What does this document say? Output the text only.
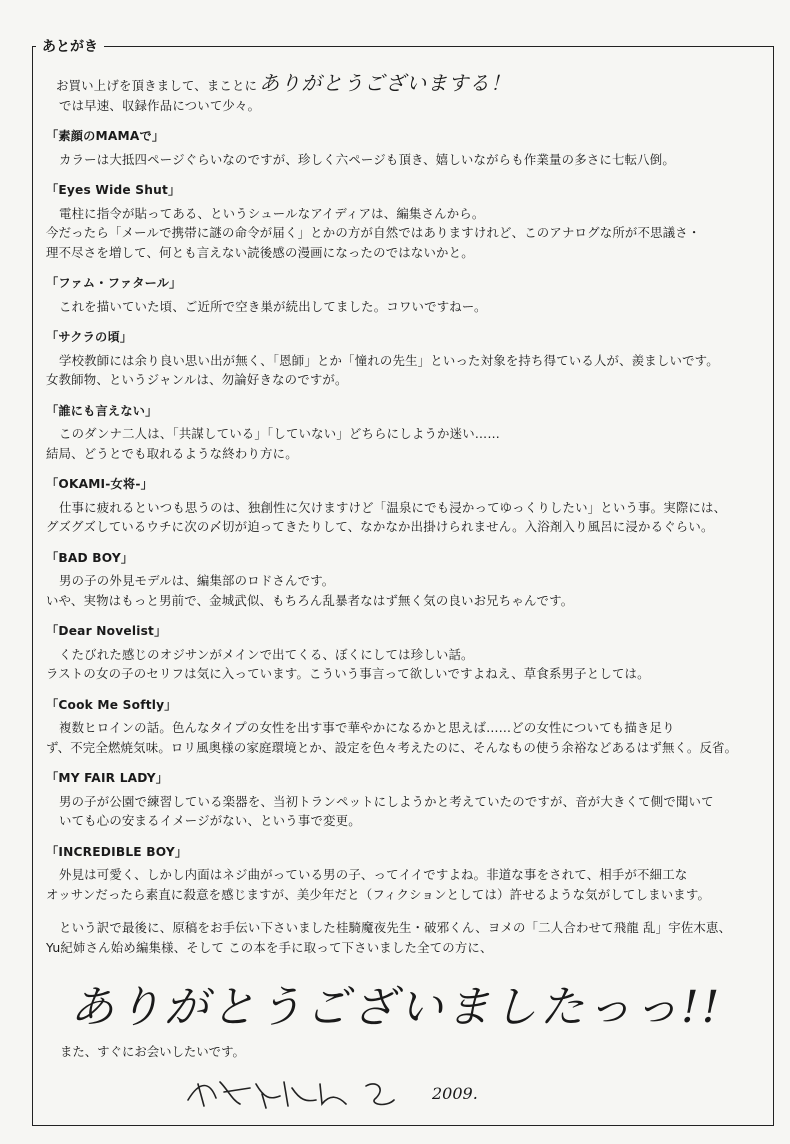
あとがき
お買い上げを頂きまして、まことに ありがとうございまする！
では早速、収録作品について少々。
「素顔のMAMAで」
カラーは大抵四ページぐらいなのですが、珍しく六ページも頂き、嬉しいながらも作業量の多さに七転八倒。
「Eyes Wide Shut」
電柱に指令が貼ってある、というシュールなアイディアは、編集さんから。
今だったら「メールで携帯に謎の命令が届く」とかの方が自然ではありますけれど、このアナログな所が不思議さ・
理不尽さを増して、何とも言えない読後感の漫画になったのではないかと。
「ファム・ファタール」
これを描いていた頃、ご近所で空き巣が続出してました。コワいですねー。
「サクラの頃」
学校教師には余り良い思い出が無く、「恩師」とか「憧れの先生」といった対象を持ち得ている人が、羨ましいです。
女教師物、というジャンルは、勿論好きなのですが。
「誰にも言えない」
このダンナ二人は、「共謀している」「していない」どちらにしようか迷い……
結局、どうとでも取れるような終わり方に。
「OKAMI-女将-」
仕事に疲れるといつも思うのは、独創性に欠けますけど「温泉にでも浸かってゆっくりしたい」という事。実際には、
グズグズしているウチに次の〆切が迫ってきたりして、なかなか出掛けられません。入浴剤入り風呂に浸かるぐらい。
「BAD BOY」
男の子の外見モデルは、編集部のロドさんです。
いや、実物はもっと男前で、金城武似、もちろん乱暴者なはず無く気の良いお兄ちゃんです。
「Dear Novelist」
くたびれた感じのオジサンがメインで出てくる、ぼくにしては珍しい話。
ラストの女の子のセリフは気に入っています。こういう事言って欲しいですよねえ、草食系男子としては。
「Cook Me Softly」
複数ヒロインの話。色んなタイプの女性を出す事で華やかになるかと思えば……どの女性についても描き足り
ず、不完全燃焼気味。ロリ風奥様の家庭環境とか、設定を色々考えたのに、そんなもの使う余裕などあるはず無く。反省。
「MY FAIR LADY」
男の子が公園で練習している楽器を、当初トランペットにしようかと考えていたのですが、音が大きくて側で聞いて
いても心の安まるイメージがない、という事で変更。
「INCREDIBLE BOY」
外見は可愛く、しかし内面はネジ曲がっている男の子、ってイイですよね。非道な事をされて、相手が不細工な
オッサンだったら素直に殺意を感じますが、美少年だと（フィクションとしては）許せるような気がしてしまいます。
という訳で最後に、原稿をお手伝い下さいました桂騎魔夜先生・破邪くん、ヨメの「二人合わせて飛龍 乱」宇佐木恵、
Yu紀姉さん始め編集様、そして この本を手に取って下さいました全ての方に、
ありがとうございましたっっ!!
また、すぐにお会いしたいです。
2009.
